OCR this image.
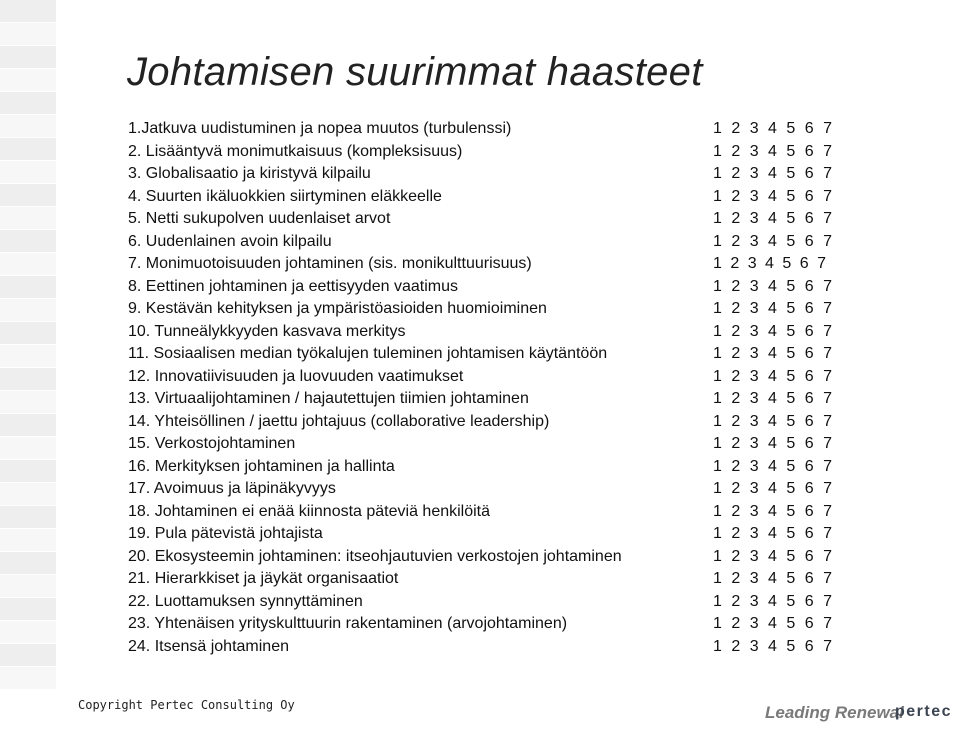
Johtamisen suurimmat haasteet
1.Jatkuva uudistuminen ja nopea muutos (turbulenssi)	1 2 3 4 5 6 7
2. Lisääntyvä monimutkaisuus (kompleksisuus)	1 2 3 4 5 6 7
3. Globalisaatio ja kiristyvä kilpailu	1 2 3 4 5 6 7
4. Suurten ikäluokkien siirtyminen eläkkeelle	1 2 3 4 5 6 7
5. Netti sukupolven uudenlaiset arvot	1 2 3 4 5 6 7
6. Uudenlainen avoin kilpailu	1 2 3 4 5 6 7
7. Monimuotoisuuden johtaminen (sis. monikulttuurisuus)	1 2 3 4 5 6 7
8. Eettinen johtaminen ja eettisyyden vaatimus	1 2 3 4 5 6 7
9. Kestävän kehityksen ja ympäristöasioiden huomioiminen	1 2 3 4 5 6 7
10. Tunneälykkyyden kasvava merkitys	1 2 3 4 5 6 7
11. Sosiaalisen median työkalujen tuleminen johtamisen käytäntöön	1 2 3 4 5 6 7
12. Innovatiivisuuden ja luovuuden vaatimukset	1 2 3 4 5 6 7
13. Virtuaalijohtaminen / hajautettujen tiimien johtaminen	1 2 3 4 5 6 7
14. Yhteisöllinen / jaettu johtajuus (collaborative leadership)	1 2 3 4 5 6 7
15. Verkostojohtaminen	1 2 3 4 5 6 7
16. Merkityksen johtaminen ja hallinta	1 2 3 4 5 6 7
17. Avoimuus ja läpinäkyvyys	1 2 3 4 5 6 7
18. Johtaminen ei enää kiinnosta päteviä henkilöitä	1 2 3 4 5 6 7
19. Pula pätevistä johtajista	1 2 3 4 5 6 7
20. Ekosysteemin johtaminen: itseohjautuvien verkostojen johtaminen	1 2 3 4 5 6 7
21. Hierarkkiset ja jäykät organisaatiot	1 2 3 4 5 6 7
22. Luottamuksen synnyttäminen	1 2 3 4 5 6 7
23. Yhtenäisen yrityskulttuurin rakentaminen (arvojohtaminen)	1 2 3 4 5 6 7
24. Itsensä johtaminen	1 2 3 4 5 6 7
Copyright Pertec Consulting Oy	Leading Renewal
pertec
